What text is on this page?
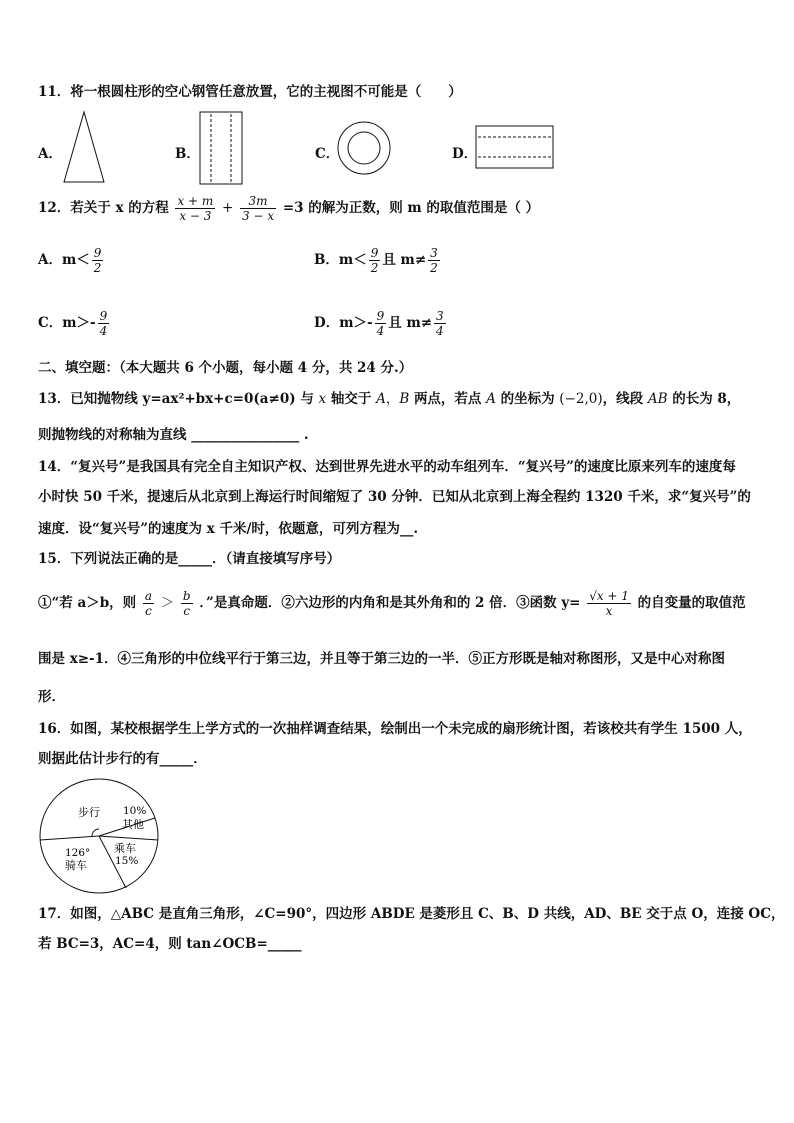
11．将一根圆柱形的空心钢管任意放置，它的主视图不可能是（　　）
A．	B．	C．	D．
12．若关于 x 的方程 $\frac{x + m}{x - 3} + \frac{3m}{3 - x} =3$ 的解为正数，则 m 的取值范围是（ ）
A．$m< \frac{9}{2}$	B．$m< \frac{9}{2}$ 且 $m\ne \frac{3}{2}$
C．$m>- \frac{9}{4}$	D．$m>- \frac{9}{4}$ 且 $m\ne \frac{3}{4}$
二、填空题：（本大题共 6 个小题，每小题 4 分，共 24 分.）
13．已知抛物线 y=ax²+bx+c=0(a≠0) 与 x 轴交于 A，B 两点，若点 A 的坐标为 (−2,0)，线段 AB 的长为 8，
则抛物线的对称轴为直线 ________________ .
14．“复兴号”是我国具有完全自主知识产权、达到世界先进水平的动车组列车．“复兴号”的速度比原来列车的速度每
小时快 50 千米，提速后从北京到上海运行时间缩短了 30 分钟．已知从北京到上海全程约 1320 千米，求“复兴号”的
速度．设“复兴号”的速度为 x 千米/时，依题意，可列方程为__.
15．下列说法正确的是_____．（请直接填写序号）
①“若 a＞b，则 $\frac{a}{c} > \frac{b}{c}$ ．”是真命题．②六边形的内角和是其外角和的 2 倍．③函数 $y= \frac{√x + 1}{x}$ 的自变量的取值范
围是 x≥-1．④三角形的中位线平行于第三边，并且等于第三边的一半．⑤正方形既是轴对称图形，又是中心对称图
形．
16．如图，某校根据学生上学方式的一次抽样调查结果，绘制出一个未完成的扇形统计图，若该校共有学生 1500 人，
则据此估计步行的有_____．
步行 10%
其他
乘车
15%
126°
骑车
17．如图，△ABC 是直角三角形，∠C=90°，四边形 ABDE 是菱形且 C、B、D 共线，AD、BE 交于点 O，连接 OC，
若 BC=3，AC=4，则 tan∠OCB=_____
